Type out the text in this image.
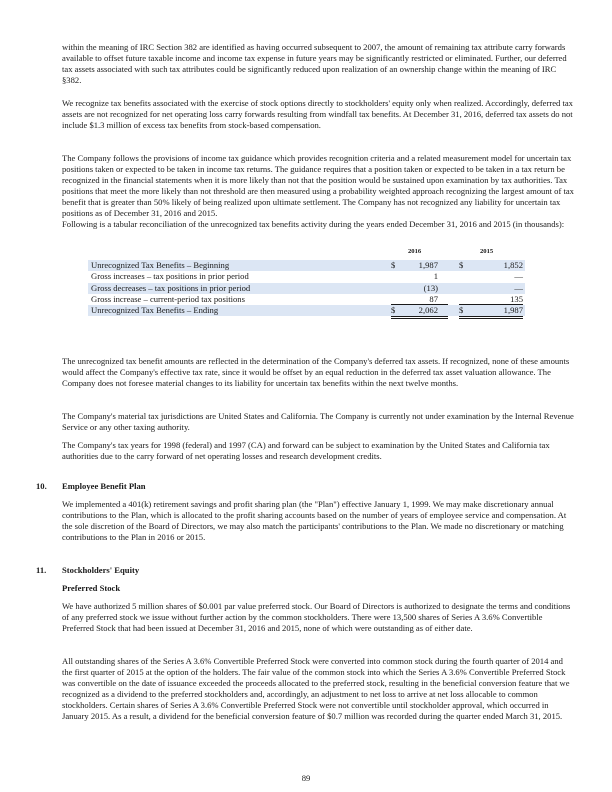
within the meaning of IRC Section 382 are identified as having occurred subsequent to 2007, the amount of remaining tax attribute carry forwards available to offset future taxable income and income tax expense in future years may be significantly restricted or eliminated. Further, our deferred tax assets associated with such tax attributes could be significantly reduced upon realization of an ownership change within the meaning of IRC §382.

We recognize tax benefits associated with the exercise of stock options directly to stockholders' equity only when realized. Accordingly, deferred tax assets are not recognized for net operating loss carry forwards resulting from windfall tax benefits. At December 31, 2016, deferred tax assets do not include $1.3 million of excess tax benefits from stock-based compensation.

The Company follows the provisions of income tax guidance which provides recognition criteria and a related measurement model for uncertain tax positions taken or expected to be taken in income tax returns. The guidance requires that a position taken or expected to be taken in a tax return be recognized in the financial statements when it is more likely than not that the position would be sustained upon examination by tax authorities. Tax positions that meet the more likely than not threshold are then measured using a probability weighted approach recognizing the largest amount of tax benefit that is greater than 50% likely of being realized upon ultimate settlement. The Company has not recognized any liability for uncertain tax positions as of December 31, 2016 and 2015.

Following is a tabular reconciliation of the unrecognized tax benefits activity during the years ended December 31, 2016 and 2015 (in thousands):

2016	2015
Unrecognized Tax Benefits – Beginning	$	1,987 $	1,852
Gross increases – tax positions in prior period	1	—
Gross decreases – tax positions in prior period	(13)	—
Gross increase – current-period tax positions	87	135
Unrecognized Tax Benefits – Ending	$	2,062 $	1,987

The unrecognized tax benefit amounts are reflected in the determination of the Company's deferred tax assets. If recognized, none of these amounts would affect the Company's effective tax rate, since it would be offset by an equal reduction in the deferred tax asset valuation allowance. The Company does not foresee material changes to its liability for uncertain tax benefits within the next twelve months.

The Company's material tax jurisdictions are United States and California. The Company is currently not under examination by the Internal Revenue Service or any other taxing authority.

The Company's tax years for 1998 (federal) and 1997 (CA) and forward can be subject to examination by the United States and California tax authorities due to the carry forward of net operating losses and research development credits.

10. Employee Benefit Plan

We implemented a 401(k) retirement savings and profit sharing plan (the "Plan") effective January 1, 1999. We may make discretionary annual contributions to the Plan, which is allocated to the profit sharing accounts based on the number of years of employee service and compensation. At the sole discretion of the Board of Directors, we may also match the participants' contributions to the Plan. We made no discretionary or matching contributions to the Plan in 2016 or 2015.

11. Stockholders' Equity
Preferred Stock

We have authorized 5 million shares of $0.001 par value preferred stock. Our Board of Directors is authorized to designate the terms and conditions of any preferred stock we issue without further action by the common stockholders. There were 13,500 shares of Series A 3.6% Convertible Preferred Stock that had been issued at December 31, 2016 and 2015, none of which were outstanding as of either date.

All outstanding shares of the Series A 3.6% Convertible Preferred Stock were converted into common stock during the fourth quarter of 2014 and the first quarter of 2015 at the option of the holders. The fair value of the common stock into which the Series A 3.6% Convertible Preferred Stock was convertible on the date of issuance exceeded the proceeds allocated to the preferred stock, resulting in the beneficial conversion feature that we recognized as a dividend to the preferred stockholders and, accordingly, an adjustment to net loss to arrive at net loss allocable to common stockholders. Certain shares of Series A 3.6% Convertible Preferred Stock were not convertible until stockholder approval, which occurred in January 2015. As a result, a dividend for the beneficial conversion feature of $0.7 million was recorded during the quarter ended March 31, 2015.

89
